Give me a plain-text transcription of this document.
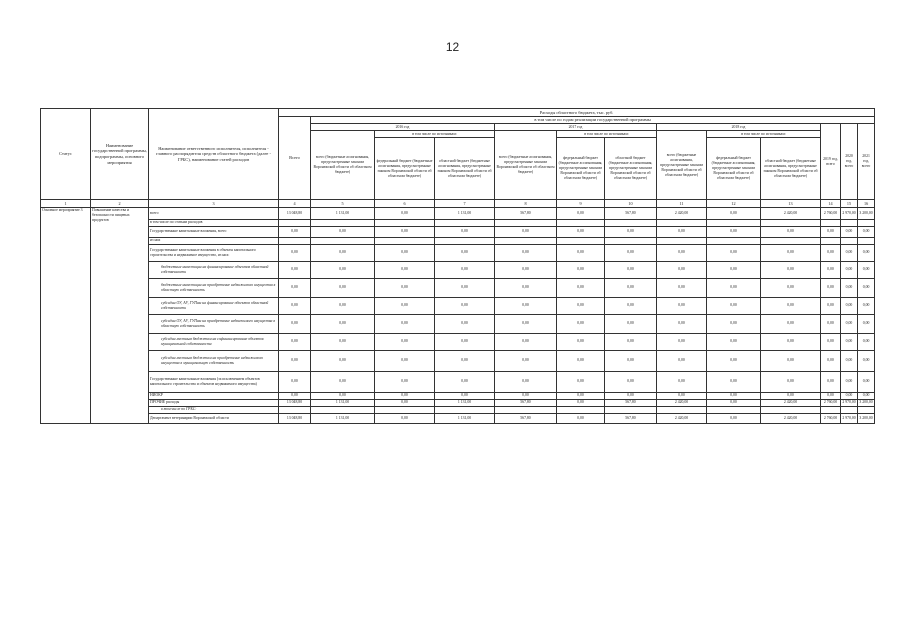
12
Статус	Наименование государственной программы, подпрограммы, основного мероприятия	Наименование ответственного исполнителя, исполнителя - главного распорядителя средств областного бюджета (далее - ГРБС), наименование статей расходов	Расходы областного бюджета, тыс. руб.												
			Всего	в том числе по годам реализации государственной программы											
				2016 год			2017 год			2018 год			2019 год, всего	2020 год, всего	2021 год, всего
				всего (бюджетные ассигнования, предусмотренные законом Воронежской области об областном бюджете)	в том числе по источникам:		всего (бюджетные ассигнования, предусмотренные законом Воронежской области об областном бюджете)	в том числе по источникам:		всего (бюджетные ассигнования, предусмотренные законом Воронежской области об областном бюджете)	в том числе по источникам:				
					федеральный бюджет (бюджетные ассигнования, предусмотренные законом Воронежской области об областном бюджете)	областной бюджет (бюджетные ассигнования, предусмотренные законом Воронежской области об областном бюджете)		федеральный бюджет (бюджетные ассигнования, предусмотренные законом Воронежской области об областном бюджете)	областной бюджет (бюджетные ассигнования, предусмотренные законом Воронежской области об областном бюджете)		федеральный бюджет (бюджетные ассигнования, предусмотренные законом Воронежской области об областном бюджете)	областной бюджет (бюджетные ассигнования, предусмотренные законом Воронежской области об областном бюджете)			
1	2	3	4	5	6	7	8	9	10	11	12	13	14	15	16
Основное мероприятие 3	Повышение качества и безопасности пищевых продуктов	всего	13 048,80	1 131,00	0,00	1 131,00	567,80	0,00	567,80	2 420,00	0,00	2 420,00	2 760,00	2 970,00	3 200,00
		в том числе по статьям расходов													
		Государственные капитальные вложения, всего	0,00	0,00	0,00	0,00	0,00	0,00	0,00	0,00	0,00	0,00	0,00	0,00	0,00
		из них													
		Государственные капитальные вложения в объекты капитального строительства и недвижимое имущество, из них:	0,00	0,00	0,00	0,00	0,00	0,00	0,00	0,00	0,00	0,00	0,00	0,00	0,00
		бюджетные инвестиции на финансирование объектов областной собственности	0,00	0,00	0,00	0,00	0,00	0,00	0,00	0,00	0,00	0,00	0,00	0,00	0,00
		бюджетные инвестиции на приобретение недвижимого имущества в областную собственность	0,00	0,00	0,00	0,00	0,00	0,00	0,00	0,00	0,00	0,00	0,00	0,00	0,00
		субсидии ОУ, АУ, ГУПам на финансирование объектов областной собственности	0,00	0,00	0,00	0,00	0,00	0,00	0,00	0,00	0,00	0,00	0,00	0,00	0,00
		субсидии ОУ, АУ, ГУПам на приобретение недвижимого имущества в областную собственность	0,00	0,00	0,00	0,00	0,00	0,00	0,00	0,00	0,00	0,00	0,00	0,00	0,00
		субсидии местным бюджетам на софинансирование объектов муниципальной собственности	0,00	0,00	0,00	0,00	0,00	0,00	0,00	0,00	0,00	0,00	0,00	0,00	0,00
		субсидии местным бюджетам на приобретение недвижимого имущества в муниципальную собственность	0,00	0,00	0,00	0,00	0,00	0,00	0,00	0,00	0,00	0,00	0,00	0,00	0,00
		Государственные капитальные вложения (за исключением объектов капитального строительства и объектов недвижимого имущества)	0,00	0,00	0,00	0,00	0,00	0,00	0,00	0,00	0,00	0,00	0,00	0,00	0,00
		НИОКР	0,00	0,00	0,00	0,00	0,00	0,00	0,00	0,00	0,00	0,00	0,00	0,00	0,00
		ПРОЧИЕ расходы	13 048,80	1 131,00	0,00	1 131,00	567,80	0,00	567,80	2 420,00	0,00	2 420,00	2 760,00	2 970,00	3 200,00
		в том числе по ГРБС:													
		Департамент ветеринарии Воронежской области	13 048,80	1 131,00	0,00	1 131,00	567,80	0,00	567,80	2 420,00	0,00	2 420,00	2 760,00	2 970,00	3 200,00
